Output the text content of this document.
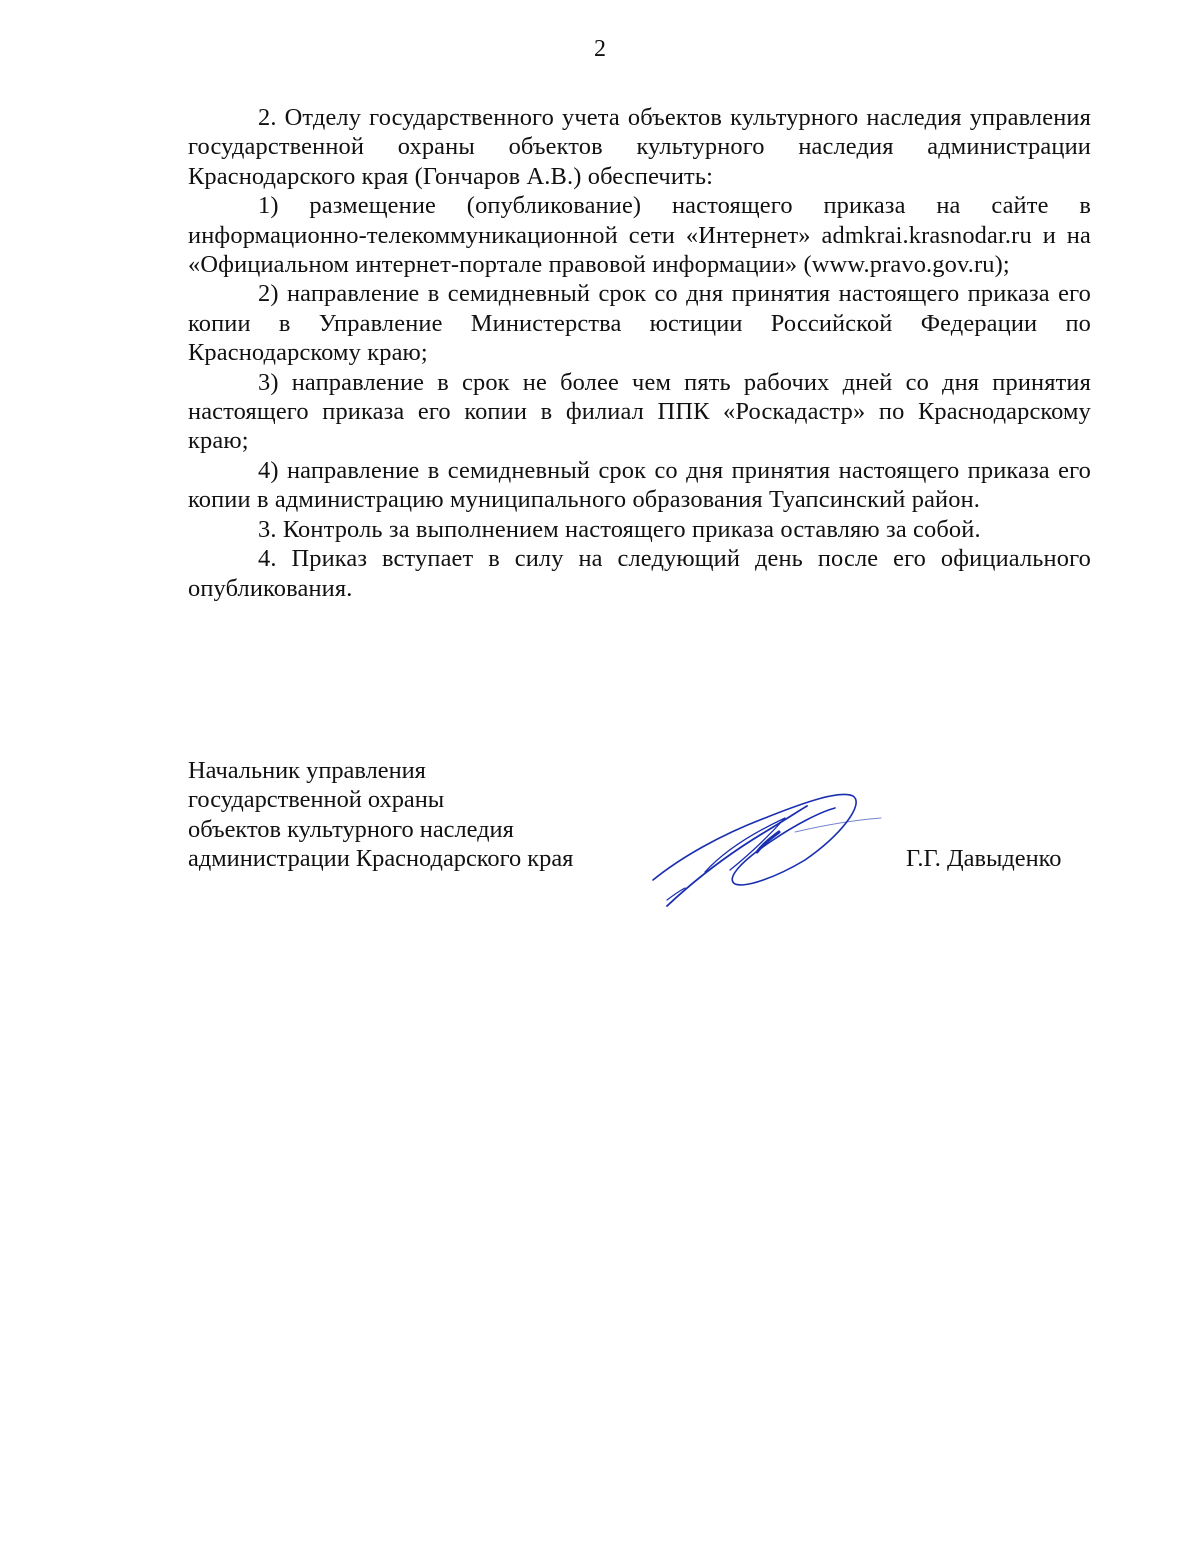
2

2. Отделу государственного учета объектов культурного наследия управления государственной охраны объектов культурного наследия администрации Краснодарского края (Гончаров А.В.) обеспечить:

1) размещение (опубликование) настоящего приказа на сайте в информационно-телекоммуникационной сети «Интернет» admkrai.krasnodar.ru и на «Официальном интернет-портале правовой информации» (www.pravo.gov.ru);

2) направление в семидневный срок со дня принятия настоящего приказа его копии в Управление Министерства юстиции Российской Федерации по Краснодарскому краю;

3) направление в срок не более чем пять рабочих дней со дня принятия настоящего приказа его копии в филиал ППК «Роскадастр» по Краснодарскому краю;

4) направление в семидневный срок со дня принятия настоящего приказа его копии в администрацию муниципального образования Туапсинский район.

3. Контроль за выполнением настоящего приказа оставляю за собой.

4. Приказ вступает в силу на следующий день после его официального опубликования.

Начальник управления
государственной охраны
объектов культурного наследия
администрации Краснодарского края	Г.Г. Давыденко
